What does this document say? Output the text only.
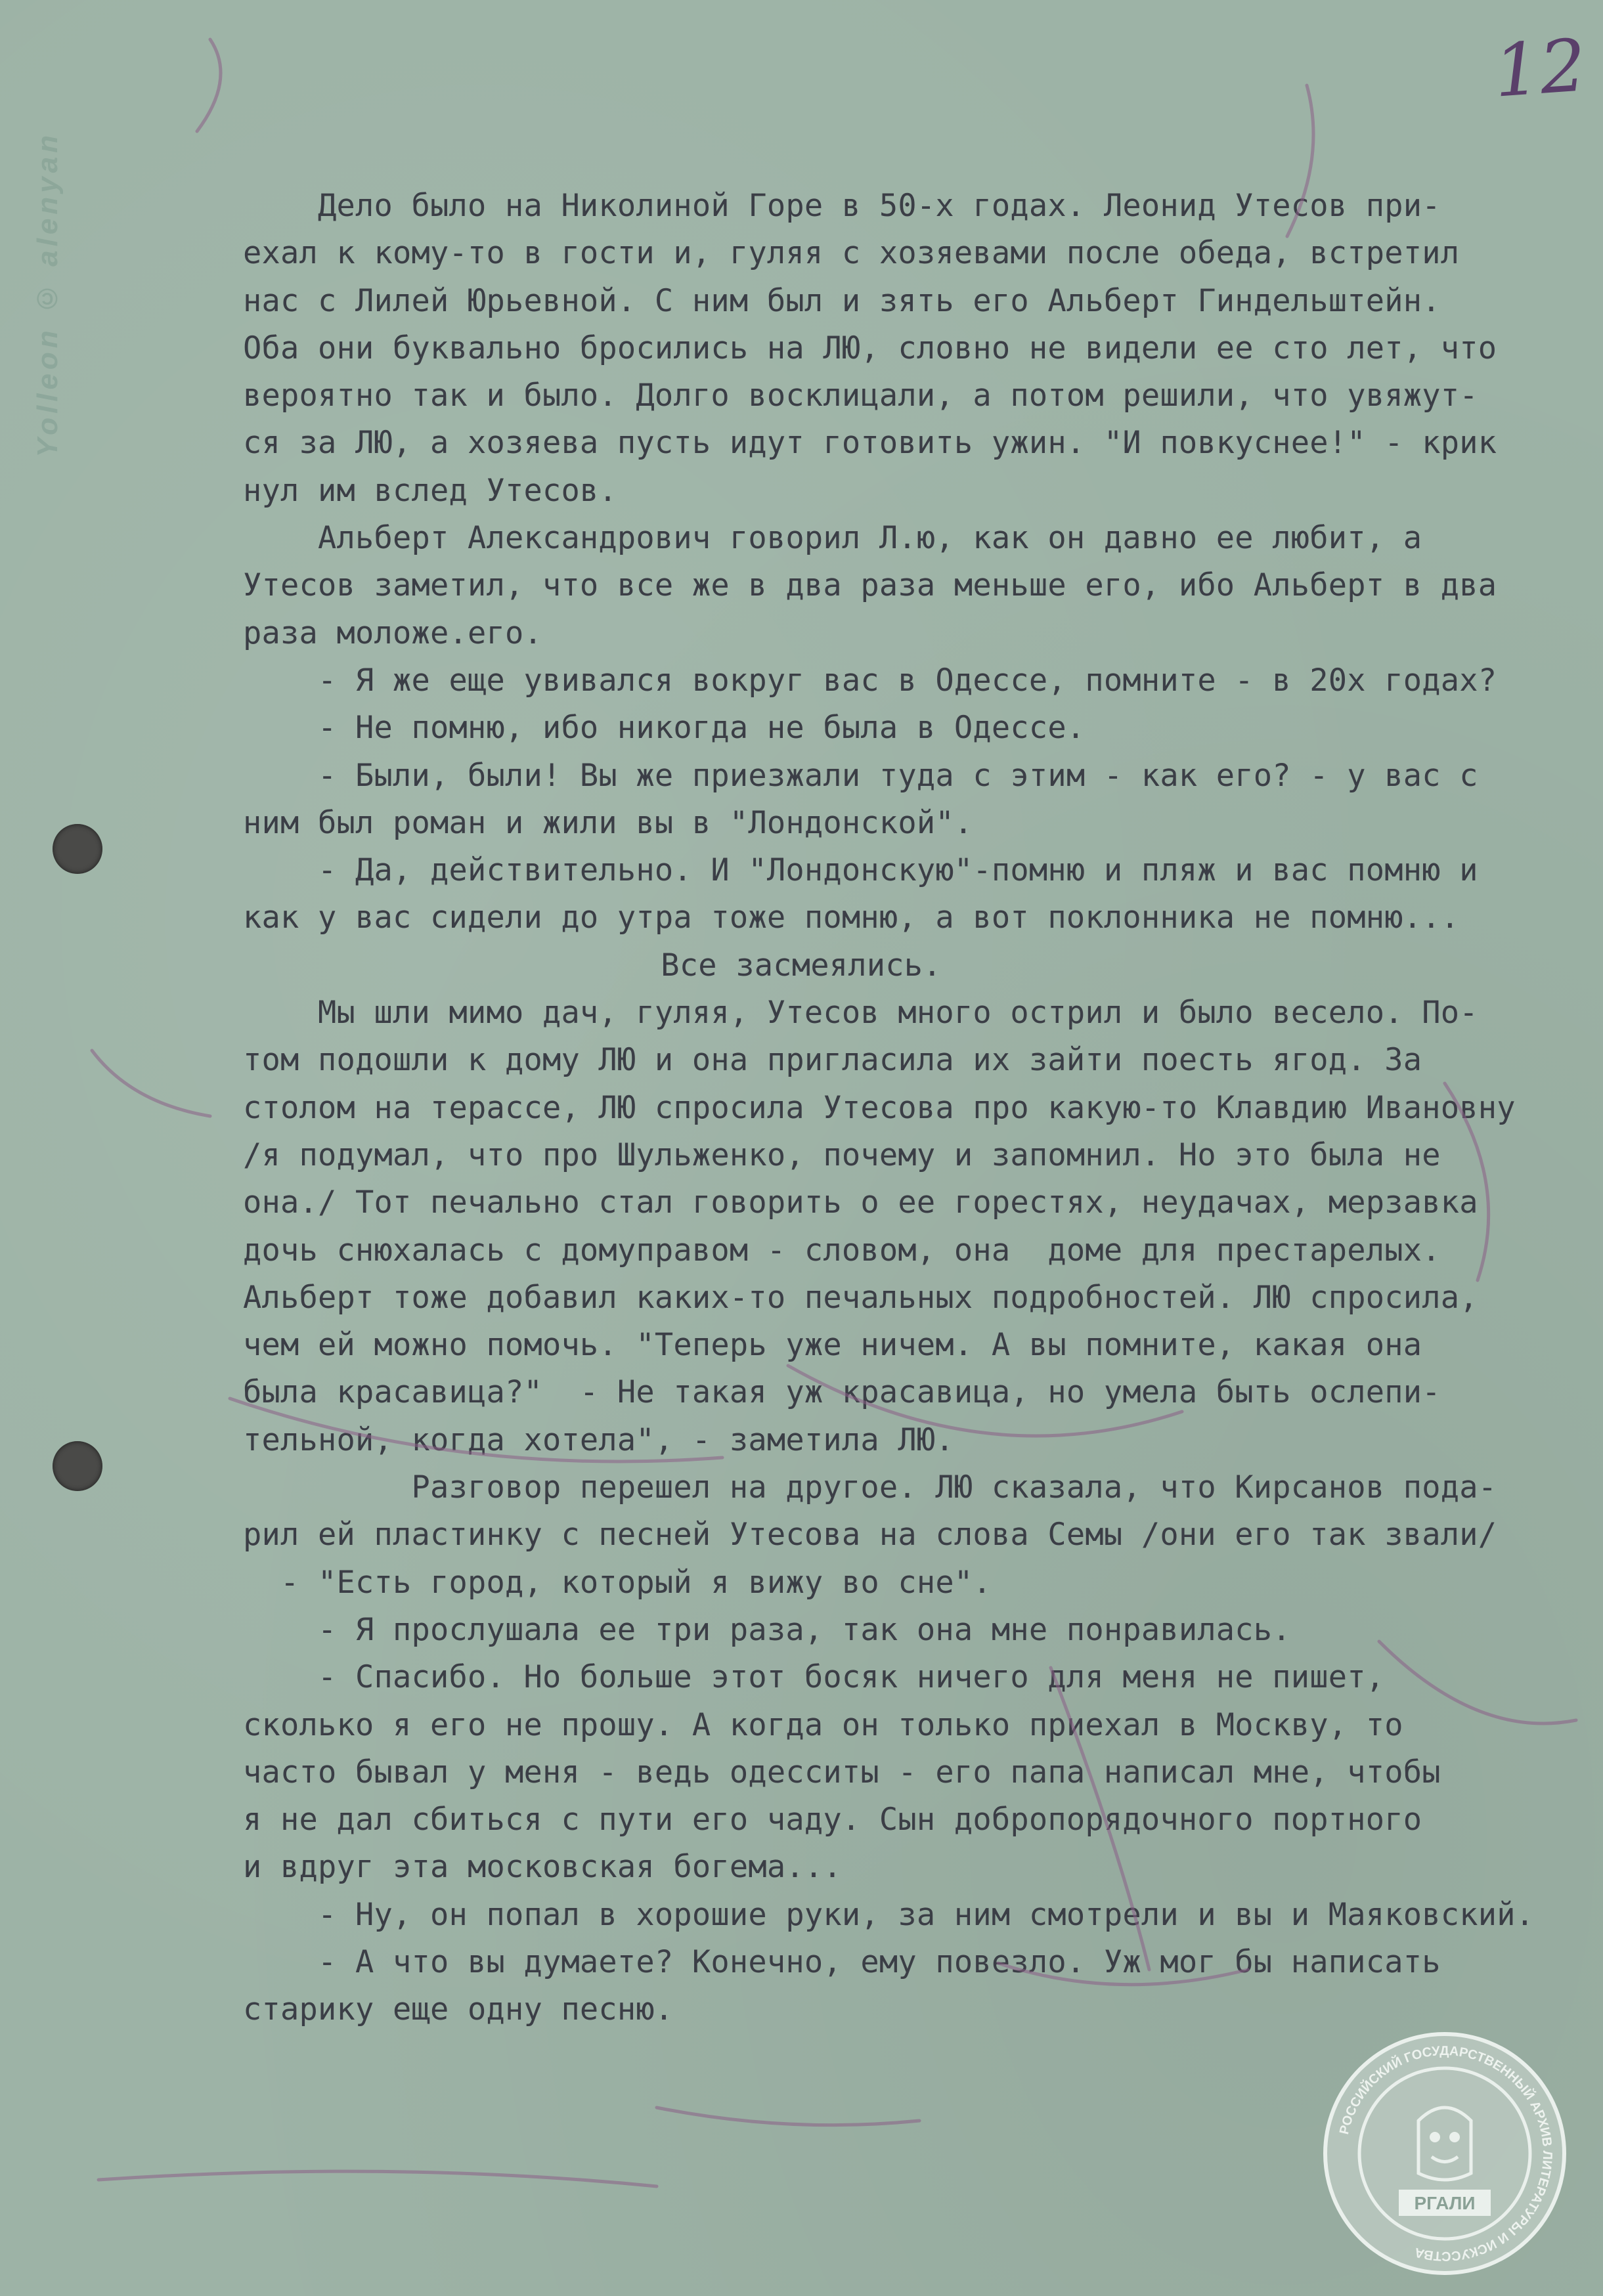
Yolleon © alenyan
12
Дело было на Николиной Горе в 50-х годах. Леонид Утесов при-
ехал к кому-то в гости и, гуляя с хозяевами после обеда, встретил
нас с Лилей Юрьевной. С ним был и зять его Альберт Гиндельштейн.
Оба они буквально бросились на ЛЮ, словно не видели ее сто лет, что
вероятно так и было. Долго восклицали, а потом решили, что увяжут-
ся за ЛЮ, а хозяева пусть идут готовить ужин. "И повкуснее!" - крик
нул им вслед Утесов.
Альберт Александрович говорил Л.ю, как он давно ее любит, а
Утесов заметил, что все же в два раза меньше его, ибо Альберт в два
раза моложе.его.
- Я же еще увивался вокруг вас в Одессе, помните - в 20х годах?
- Не помню, ибо никогда не была в Одессе.
- Были, были! Вы же приезжали туда с этим - как его? - у вас с
ним был роман и жили вы в "Лондонской".
- Да, действительно. И "Лондонскую"-помню и пляж и вас помню и
как у вас сидели до утра тоже помню, а вот поклонника не помню...
Все засмеялись.
Мы шли мимо дач, гуляя, Утесов много острил и было весело. По-
том подошли к дому ЛЮ и она пригласила их зайти поесть ягод. За
столом на терассе, ЛЮ спросила Утесова про какую-то Клавдию Ивановну
/я подумал, что про Шульженко, почему и запомнил. Но это была не
она./ Тот печально стал говорить о ее горестях, неудачах, мерзавка
дочь снюхалась с домуправом - словом, она  доме для престарелых.
Альберт тоже добавил каких-то печальных подробностей. ЛЮ спросила,
чем ей можно помочь. "Теперь уже ничем. А вы помните, какая она
была красавица?"  - Не такая уж красавица, но умела быть ослепи-
тельной, когда хотела", - заметила ЛЮ.
Разговор перешел на другое. ЛЮ сказала, что Кирсанов пода-
рил ей пластинку с песней Утесова на слова Семы /они его так звали/
- "Есть город, который я вижу во сне".
- Я прослушала ее три раза, так она мне понравилась.
- Спасибо. Но больше этот босяк ничего для меня не пишет,
сколько я его не прошу. А когда он только приехал в Москву, то
часто бывал у меня - ведь одесситы - его папа написал мне, чтобы
я не дал сбиться с пути его чаду. Сын добропорядочного портного
и вдруг эта московская богема...
- Ну, он попал в хорошие руки, за ним смотрели и вы и Маяковский.
- А что вы думаете? Конечно, ему повезло. Уж мог бы написать
старику еще одну песню.
РОССИЙСКИЙ ГОСУДАРСТВЕННЫЙ АРХИВ ЛИТЕРАТУРЫ И ИСКУССТВА
РГАЛИ
